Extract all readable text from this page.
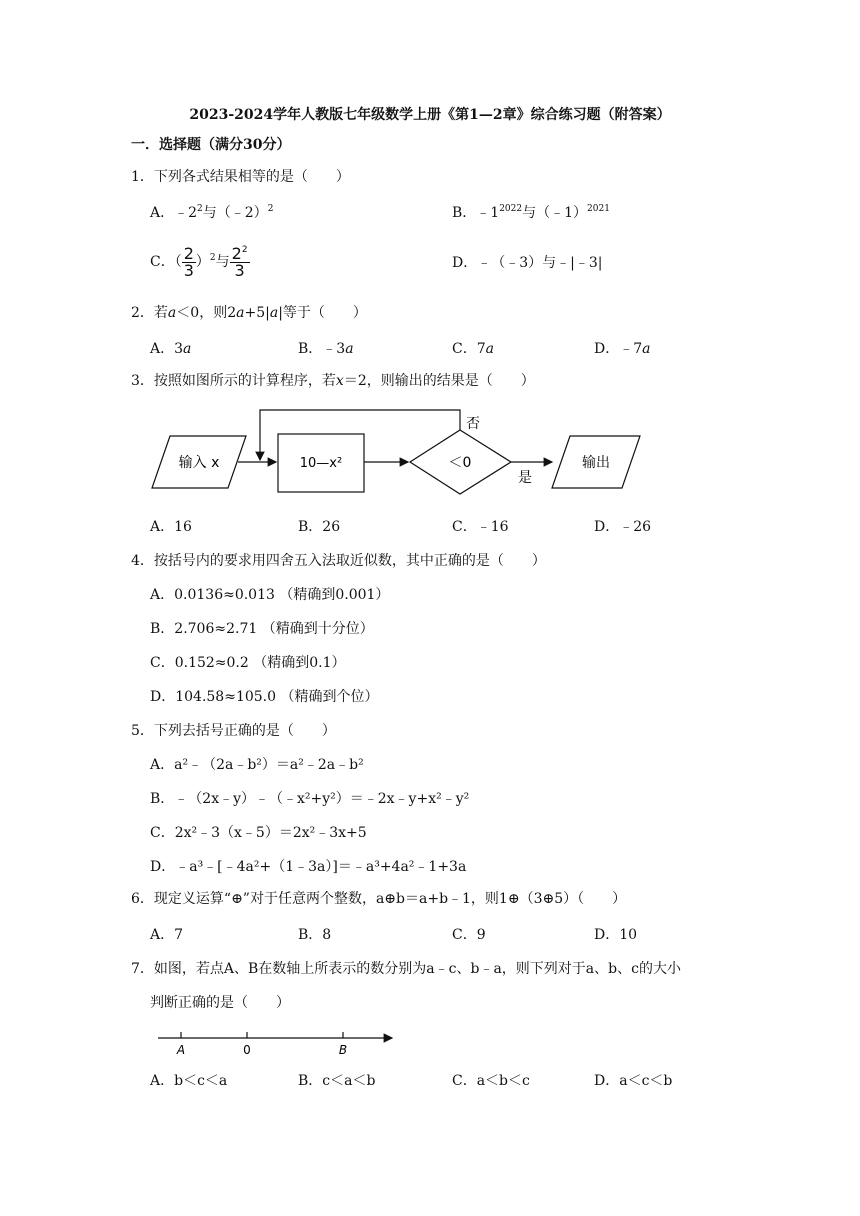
2023-2024学年人教版七年级数学上册《第1—2章》综合练习题（附答案）
一．选择题（满分30分）
1．下列各式结果相等的是（　　）
A．$﹣2^2$与（﹣2）$^2$	B．$﹣1^{2022}$与（﹣1）$^{2021}$
C．（ $\frac{2}{3} )^2$与 $\frac{2^2}{3}$	D．﹣（﹣3）与﹣|﹣3|
2．若a＜0，则2a+5|a|等于（　　）
A．3a	B．﹣3a	C．7a	D．﹣7a
3．按照如图所示的计算程序，若x＝2，则输出的结果是（　　）
输入 x	10—x²	＜0
否
是
输出
A．16	B．26	C．﹣16	D．﹣26
4．按括号内的要求用四舍五入法取近似数，其中正确的是（　　）
A．0.0136≈0.013 （精确到0.001）
B．2.706≈2.71 （精确到十分位）
C．0.152≈0.2 （精确到0.1）
D．104.58≈105.0 （精确到个位）
5．下列去括号正确的是（　　）
A．a²﹣（2a﹣b²）＝a²﹣2a﹣b²
B．﹣（2x﹣y）﹣（﹣x²+y²）＝﹣2x﹣y+x²﹣y²
C．2x²﹣3（x﹣5）＝2x²﹣3x+5
D．﹣a³﹣[﹣4a²+（1﹣3a）]＝﹣a³+4a²﹣1+3a
6．现定义运算“⊕”对于任意两个整数，a⊕b＝a+b﹣1，则1⊕（3⊕5）（　　）
A．7	B．8	C．9	D．10
7．如图，若点A、B在数轴上所表示的数分别为a﹣c、b﹣a，则下列对于a、b、c的大小
判断正确的是（　　）
A	0	B
A．b＜c＜a	B．c＜a＜b	C．a＜b＜c	D．a＜c＜b
